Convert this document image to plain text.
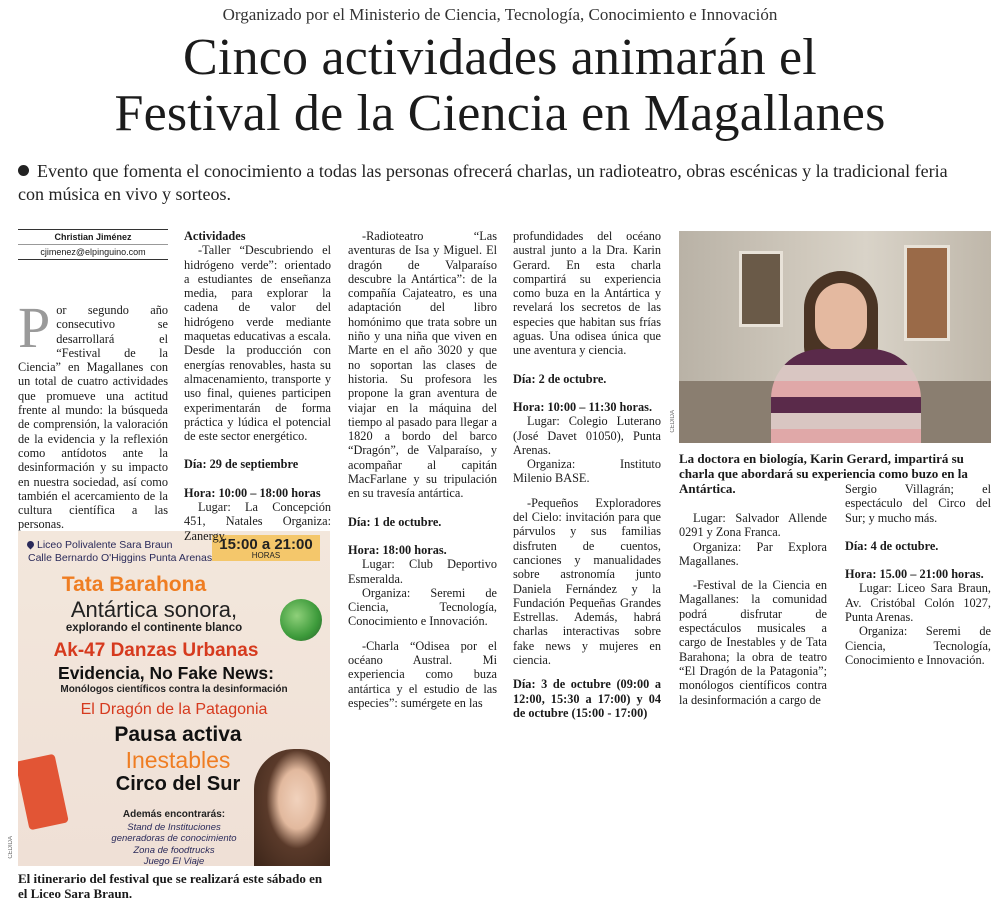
Organizado por el Ministerio de Ciencia, Tecnología, Conocimiento e Innovación
Cinco actividades animarán el
Festival de la Ciencia en Magallanes
Evento que fomenta el conocimiento a todas las personas ofrecerá charlas, un radioteatro, obras escénicas y la tradicional feria con música en vivo y sorteos.
Christian Jiménez
cjimenez@elpinguino.com
P or segundo año consecutivo se desarrollará el “Festival de la Ciencia” en Magallanes con un total de cuatro actividades que promueve una actitud frente al mundo: la búsqueda de comprensión, la valoración de la evidencia y la reflexión como antídotos ante la desinformación y su impacto en nuestra sociedad, así como también el acercamiento de la cultura científica a las personas.

Liceo Polivalente Sara Braun
Calle Bernardo O'Higgins Punta Arenas
15:00 a 21:00
HORAS
Tata Barahona
Antártica sonora,
explorando el continente blanco
Ak-47 Danzas Urbanas
Evidencia, No Fake News:
Monólogos científicos contra la desinformación
El Dragón de la Patagonia
Pausa activa
Inestables
Circo del Sur
Además encontrarás:
Stand de Instituciones
generadoras de conocimiento
Zona de foodtrucks
Juego El Viaje
CEDIDA
El itinerario del festival que se realizará este sábado en el Liceo Sara Braun.

Actividades

-Taller “Descubriendo el hidrógeno verde”: orientado a estudiantes de enseñanza media, para explorar la cadena de valor del hidrógeno verde mediante maquetas educativas a escala. Desde la producción con energías renovables, hasta su almacenamiento, transporte y uso final, quienes participen experimentarán de forma práctica y lúdica el potencial de este sector energético.

Día: 29 de septiembre

Hora: 10:00 – 18:00 horas

Lugar: La Concepción 451, Natales Organiza: Zanergy.

-Radioteatro “Las aventuras de Isa y Miguel. El dragón de Valparaíso descubre la Antártica”: de la compañía Cajateatro, es una adaptación del libro homónimo que trata sobre un niño y una niña que viven en Marte en el año 3020 y que no soportan las clases de historia. Su profesora les propone la gran aventura de viajar en la máquina del tiempo al pasado para llegar a 1820 a bordo del barco “Dragón”, de Valparaíso, y acompañar al capitán MacFarlane y su tripulación en su travesía antártica.

Día: 1 de octubre.

Hora: 18:00 horas.

Lugar: Club Deportivo Esmeralda.

Organiza: Seremi de Ciencia, Tecnología, Conocimiento e Innovación.

-Charla “Odisea por el océano Austral. Mi experiencia como buza antártica y el estudio de las especies”: sumérgete en las

profundidades del océano austral junto a la Dra. Karin Gerard. En esta charla compartirá su experiencia como buza en la Antártica y revelará los secretos de las especies que habitan sus frías aguas. Una odisea única que une aventura y ciencia.

Día: 2 de octubre.

Hora: 10:00 – 11:30 horas.

Lugar: Colegio Luterano (José Davet 01050), Punta Arenas.

Organiza: Instituto Milenio BASE.

-Pequeños Exploradores del Cielo: invitación para que párvulos y sus familias disfruten de cuentos, canciones y manualidades sobre astronomía junto Daniela Fernández y la Fundación Pequeñas Grandes Estrellas. Además, habrá charlas interactivas sobre fake news y mujeres en ciencia.

Día: 3 de octubre (09:00 a 12:00, 15:30 a 17:00) y 04 de octubre (15:00 - 17:00)

CEDIDA
La doctora en biología, Karin Gerard, impartirá su charla que abordará su experiencia como buzo en la Antártica.

Lugar: Salvador Allende 0291 y Zona Franca.

Organiza: Par Explora Magallanes.

-Festival de la Ciencia en Magallanes: la comunidad podrá disfrutar de espectáculos musicales a cargo de Inestables y de Tata Barahona; la obra de teatro “El Dragón de la Patagonia”; monólogos científicos contra la desinformación a cargo de

Sergio Villagrán; el espectáculo del Circo del Sur; y mucho más.

Día: 4 de octubre.

Hora: 15.00 – 21:00 horas.

Lugar: Liceo Sara Braun, Av. Cristóbal Colón 1027, Punta Arenas.

Organiza: Seremi de Ciencia, Tecnología, Conocimiento e Innovación.
